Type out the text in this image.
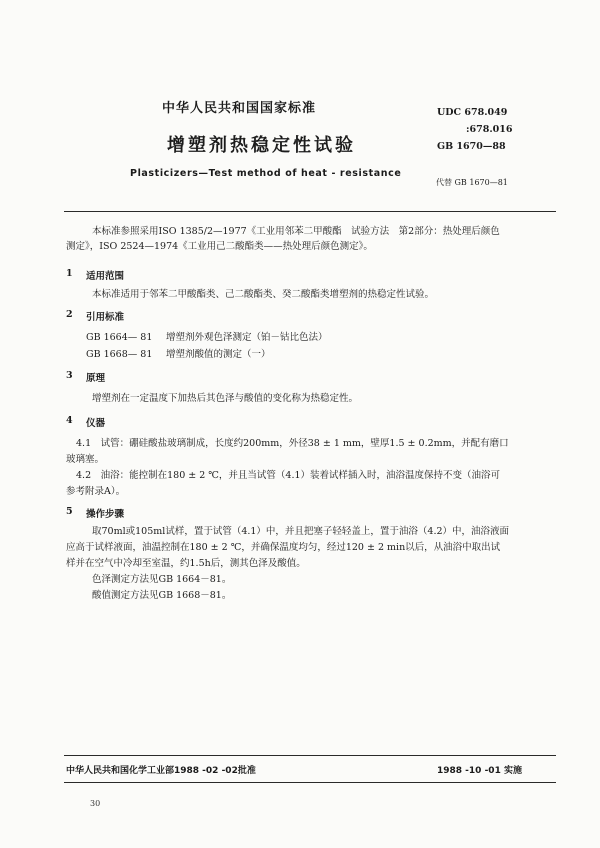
中华人民共和国国家标准	UDC 678.049
:678.016
增塑剂热稳定性试验	GB 1670—88
Plasticizers—Test method of heat - resistance
代替 GB 1670—81
本标准参照采用ISO 1385/2—1977《工业用邻苯二甲酸酯　试验方法　第2部分：热处理后颜色
测定》，ISO 2524—1974《工业用己二酸酯类——热处理后颜色测定》。
1 适用范围
本标准适用于邻苯二甲酸酯类、己二酸酯类、癸二酸酯类增塑剂的热稳定性试验。
2 引用标准
GB 1664— 81 增塑剂外观色泽测定（铂－钴比色法）
GB 1668— 81 增塑剂酸值的测定（一）
3 原理
增塑剂在一定温度下加热后其色泽与酸值的变化称为热稳定性。
4 仪器
4.1　试管：硼硅酸盐玻璃制成，长度约200mm，外径38 ± 1 mm，壁厚1.5 ± 0.2mm，并配有磨口
玻璃塞。
4.2　油浴：能控制在180 ± 2 ℃，并且当试管（4.1）装着试样插入时，油浴温度保持不变（油浴可
参考附录A）。
5 操作步骤
取70ml或105ml试样，置于试管（4.1）中，并且把塞子轻轻盖上，置于油浴（4.2）中，油浴液面
应高于试样液面，油温控制在180 ± 2 ℃，并确保温度均匀，经过120 ± 2 min以后，从油浴中取出试
样并在空气中冷却至室温，约1.5h后，测其色泽及酸值。
色泽测定方法见GB 1664－81。
酸值测定方法见GB 1668－81。
中华人民共和国化学工业部1988 -02 -02批准	1988 -10 -01 实施
30
